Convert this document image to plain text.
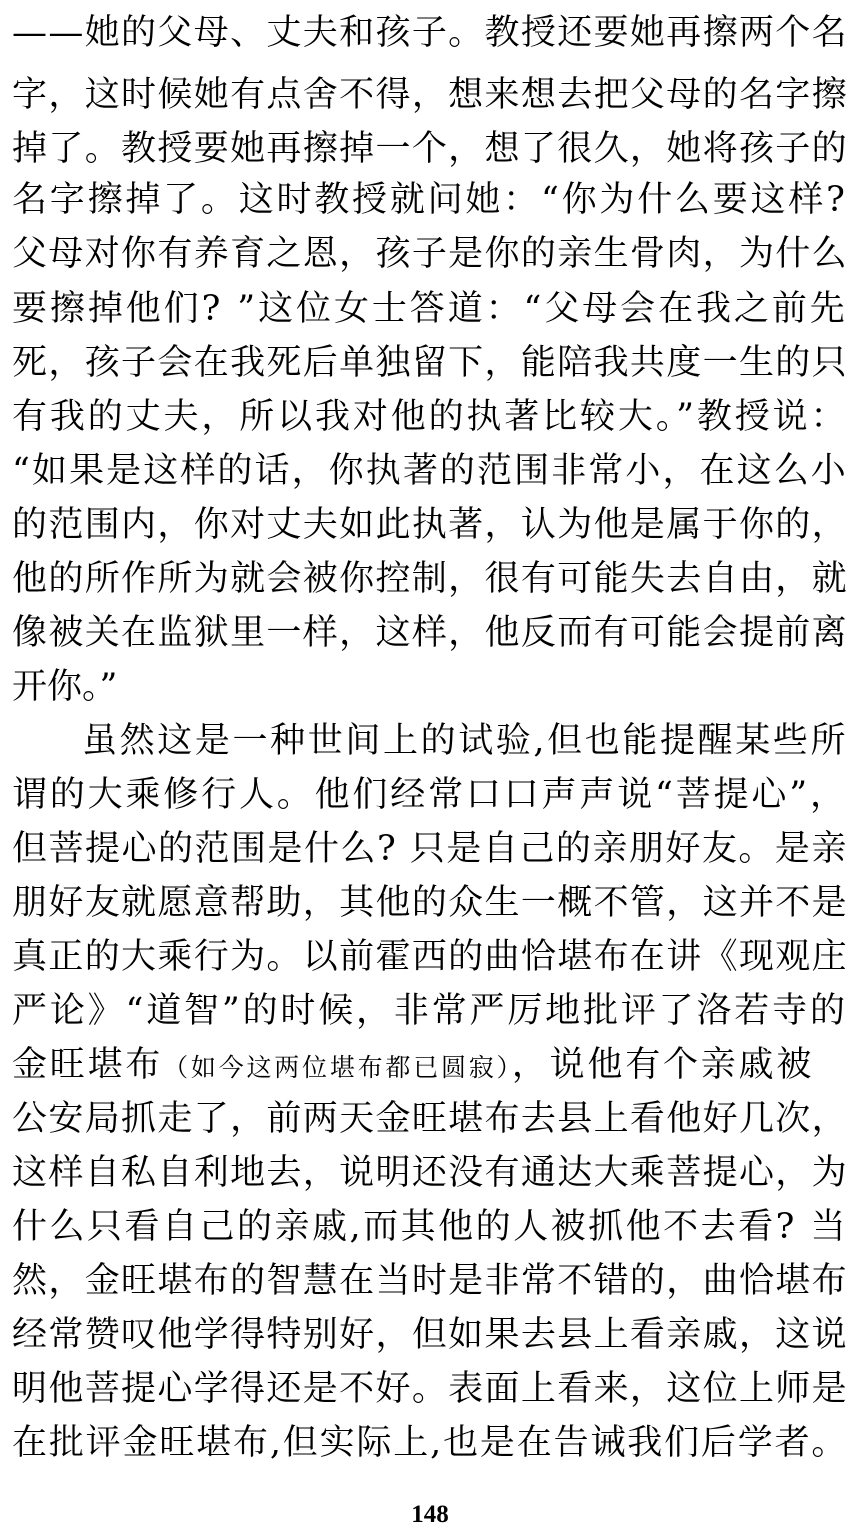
——她的父母、丈夫和孩子。教授还要她再擦两个名
字，这时候她有点舍不得，想来想去把父母的名字擦
掉了。教授要她再擦掉一个，想了很久，她将孩子的
名字擦掉了。这时教授就问她：“你为什么要这样?
父母对你有养育之恩，孩子是你的亲生骨肉，为什么
要擦掉他们? ”这位女士答道：“父母会在我之前先
死，孩子会在我死后单独留下，能陪我共度一生的只
有我的丈夫，所以我对他的执著比较大。”教授说：
“如果是这样的话，你执著的范围非常小，在这么小
的范围内，你对丈夫如此执著，认为他是属于你的，
他的所作所为就会被你控制，很有可能失去自由，就
像被关在监狱里一样，这样，他反而有可能会提前离
开你。”
虽然这是一种世间上的试验,但也能提醒某些所
谓的大乘修行人。他们经常口口声声说“菩提心”，
但菩提心的范围是什么? 只是自己的亲朋好友。是亲
朋好友就愿意帮助，其他的众生一概不管，这并不是
真正的大乘行为。以前霍西的曲恰堪布在讲《现观庄
严论》“道智”的时候，非常严厉地批评了洛若寺的
金旺堪布（如今这两位堪布都已圆寂），说他有个亲戚被
公安局抓走了，前两天金旺堪布去县上看他好几次，
这样自私自利地去，说明还没有通达大乘菩提心，为
什么只看自己的亲戚,而其他的人被抓他不去看? 当
然，金旺堪布的智慧在当时是非常不错的，曲恰堪布
经常赞叹他学得特别好，但如果去县上看亲戚，这说
明他菩提心学得还是不好。表面上看来，这位上师是
在批评金旺堪布,但实际上,也是在告诫我们后学者。
148
